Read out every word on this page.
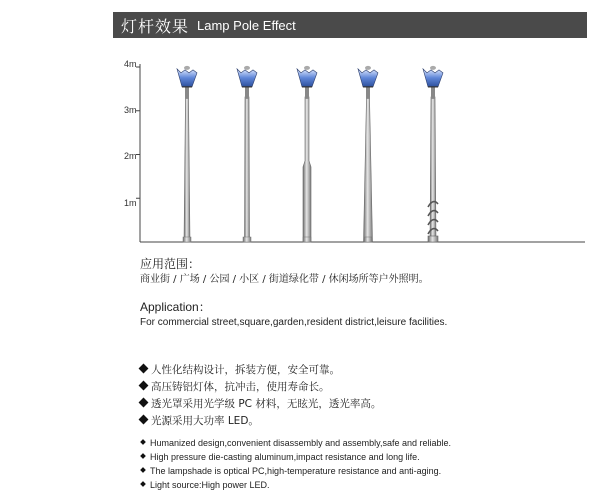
灯杆效果 Lamp Pole Effect
1m
2m
3m
4m
应用范围：
商业街 / 广场 / 公园 / 小区 / 街道绿化带 / 休闲场所等户外照明。
Application：
For commercial street,square,garden,resident district,leisure facilities.
人性化结构设计，拆装方便，安全可靠。
高压铸铝灯体，抗冲击，使用寿命长。
透光罩采用光学级 PC 材料，无眩光，透光率高。
光源采用大功率 LED。
Humanized design,convenient disassembly and assembly,safe and reliable.
High pressure die-casting aluminum,impact resistance and long life.
The lampshade is optical PC,high-temperature resistance and anti-aging.
Light source:High power LED.
